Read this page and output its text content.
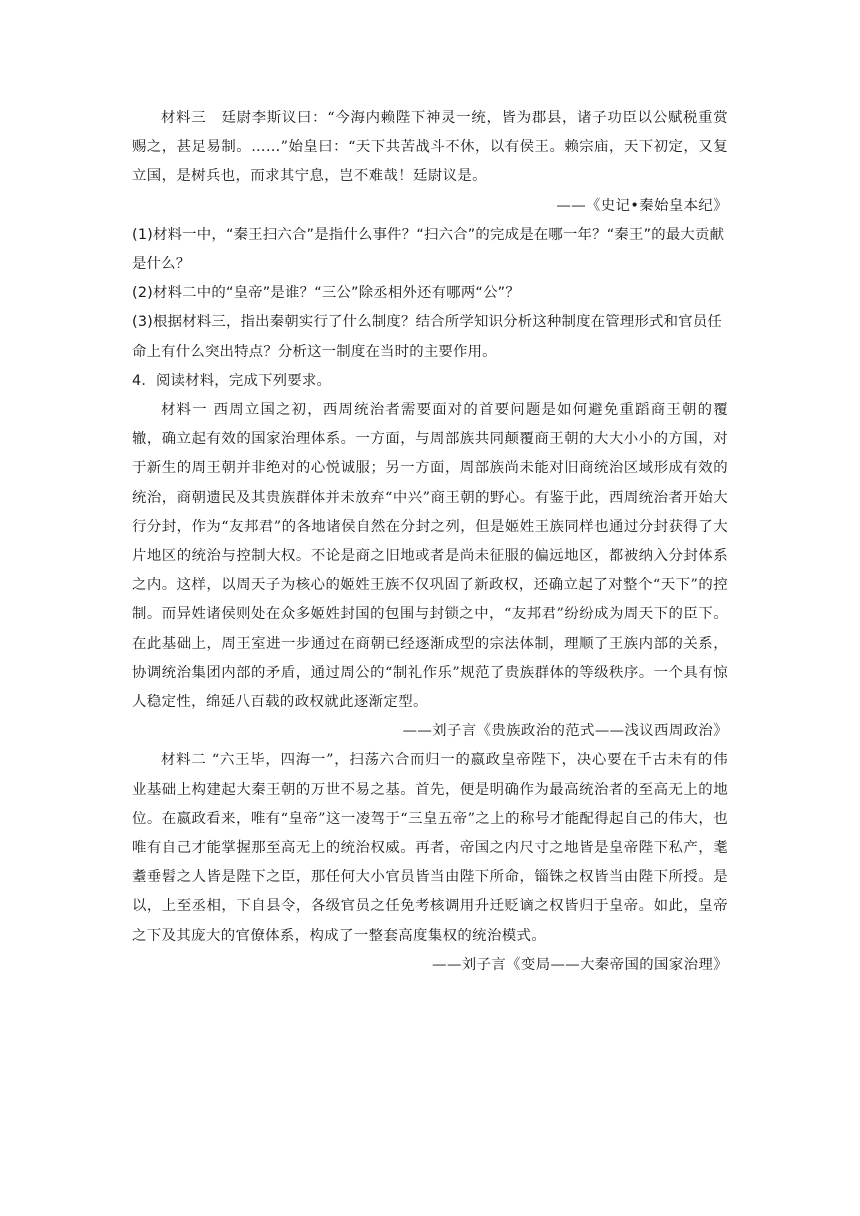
材料三　廷尉李斯议曰：“今海内赖陛下神灵一统，皆为郡县，诸子功臣以公赋税重赏赐之，甚足易制。……”始皇曰：“天下共苦战斗不休，以有侯王。赖宗庙，天下初定，又复立国，是树兵也，而求其宁息，岂不难哉！廷尉议是。

——《史记•秦始皇本纪》

(1)材料一中，“秦王扫六合”是指什么事件？“扫六合”的完成是在哪一年？“秦王”的最大贡献是什么？

(2)材料二中的“皇帝”是谁？“三公”除丞相外还有哪两“公”？

(3)根据材料三，指出秦朝实行了什么制度？结合所学知识分析这种制度在管理形式和官员任命上有什么突出特点？分析这一制度在当时的主要作用。

4．阅读材料，完成下列要求。

材料一 西周立国之初，西周统治者需要面对的首要问题是如何避免重蹈商王朝的覆辙，确立起有效的国家治理体系。一方面，与周部族共同颠覆商王朝的大大小小的方国，对于新生的周王朝并非绝对的心悦诚服；另一方面，周部族尚未能对旧商统治区域形成有效的统治，商朝遗民及其贵族群体并未放弃“中兴”商王朝的野心。有鉴于此，西周统治者开始大行分封，作为“友邦君”的各地诸侯自然在分封之列，但是姬姓王族同样也通过分封获得了大片地区的统治与控制大权。不论是商之旧地或者是尚未征服的偏远地区，都被纳入分封体系之内。这样，以周天子为核心的姬姓王族不仅巩固了新政权，还确立起了对整个“天下”的控制。而异姓诸侯则处在众多姬姓封国的包围与封锁之中，“友邦君”纷纷成为周天下的臣下。在此基础上，周王室进一步通过在商朝已经逐渐成型的宗法体制，理顺了王族内部的关系，协调统治集团内部的矛盾，通过周公的“制礼作乐”规范了贵族群体的等级秩序。一个具有惊人稳定性，绵延八百载的政权就此逐渐定型。

——刘子言《贵族政治的范式——浅议西周政治》

材料二 “六王毕，四海一”，扫荡六合而归一的嬴政皇帝陛下，决心要在千古未有的伟业基础上构建起大秦王朝的万世不易之基。首先，便是明确作为最高统治者的至高无上的地位。在嬴政看来，唯有“皇帝”这一凌驾于“三皇五帝”之上的称号才能配得起自己的伟大，也唯有自己才能掌握那至高无上的统治权威。再者，帝国之内尺寸之地皆是皇帝陛下私产，耄耋垂髫之人皆是陛下之臣，那任何大小官员皆当由陛下所命，锱铢之权皆当由陛下所授。是以，上至丞相，下自县令，各级官员之任免考核调用升迁贬谪之权皆归于皇帝。如此，皇帝之下及其庞大的官僚体系，构成了一整套高度集权的统治模式。

——刘子言《变局——大秦帝国的国家治理》
